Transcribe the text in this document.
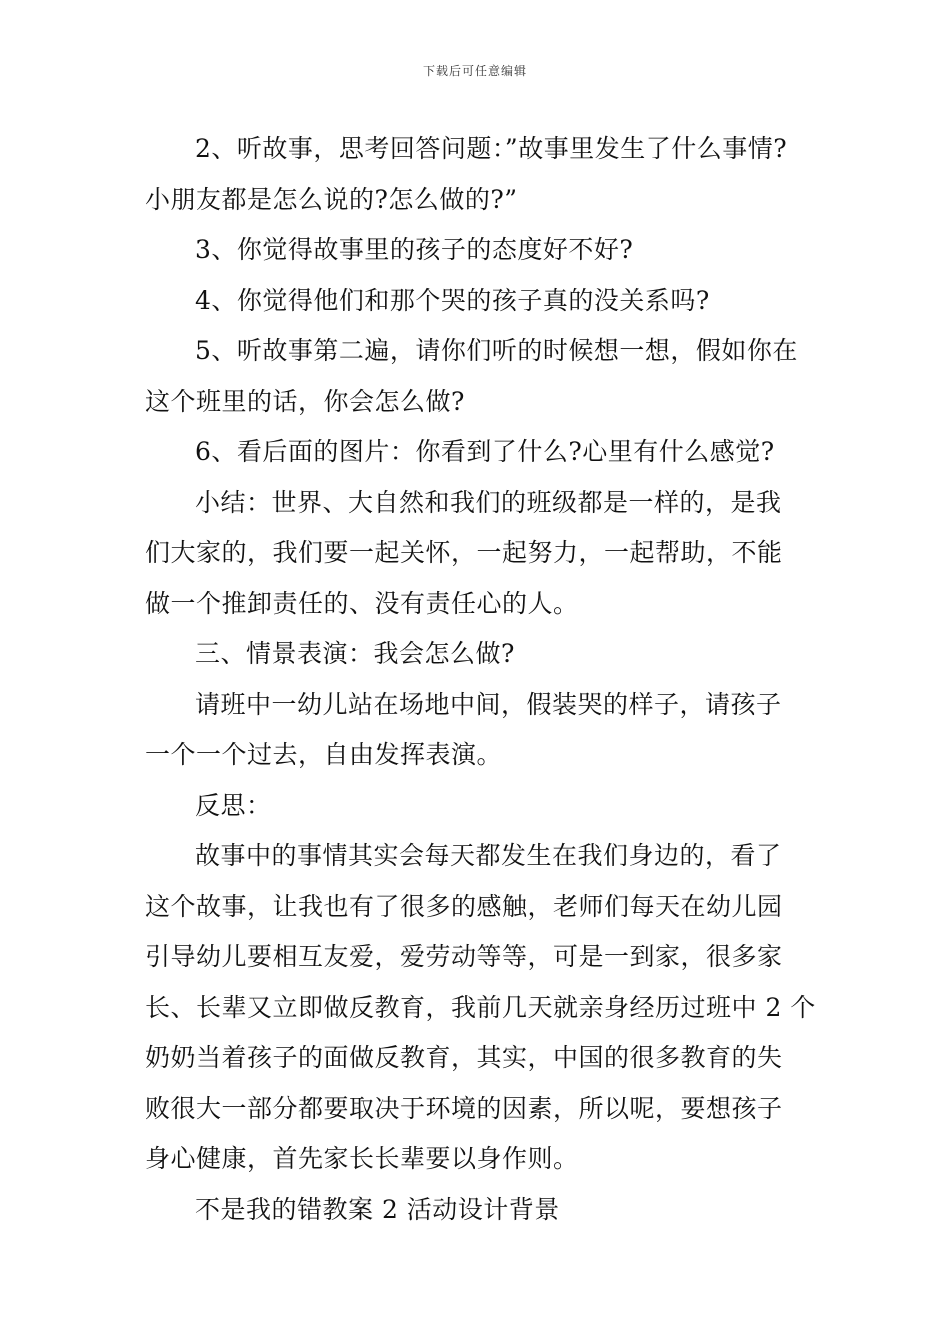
下载后可任意编辑

2、听故事，思考回答问题：”故事里发生了什么事情?

小朋友都是怎么说的?怎么做的?”

3、你觉得故事里的孩子的态度好不好?

4、你觉得他们和那个哭的孩子真的没关系吗?

5、听故事第二遍，请你们听的时候想一想，假如你在

这个班里的话，你会怎么做?

6、看后面的图片：你看到了什么?心里有什么感觉?

小结：世界、大自然和我们的班级都是一样的，是我

们大家的，我们要一起关怀，一起努力，一起帮助，不能

做一个推卸责任的、没有责任心的人。

三、情景表演：我会怎么做?

请班中一幼儿站在场地中间，假装哭的样子，请孩子

一个一个过去，自由发挥表演。

反思：

故事中的事情其实会每天都发生在我们身边的，看了

这个故事，让我也有了很多的感触，老师们每天在幼儿园

引导幼儿要相互友爱，爱劳动等等，可是一到家，很多家

长、长辈又立即做反教育，我前几天就亲身经历过班中 2 个

奶奶当着孩子的面做反教育，其实，中国的很多教育的失

败很大一部分都要取决于环境的因素，所以呢，要想孩子

身心健康，首先家长长辈要以身作则。

不是我的错教案 2 活动设计背景
